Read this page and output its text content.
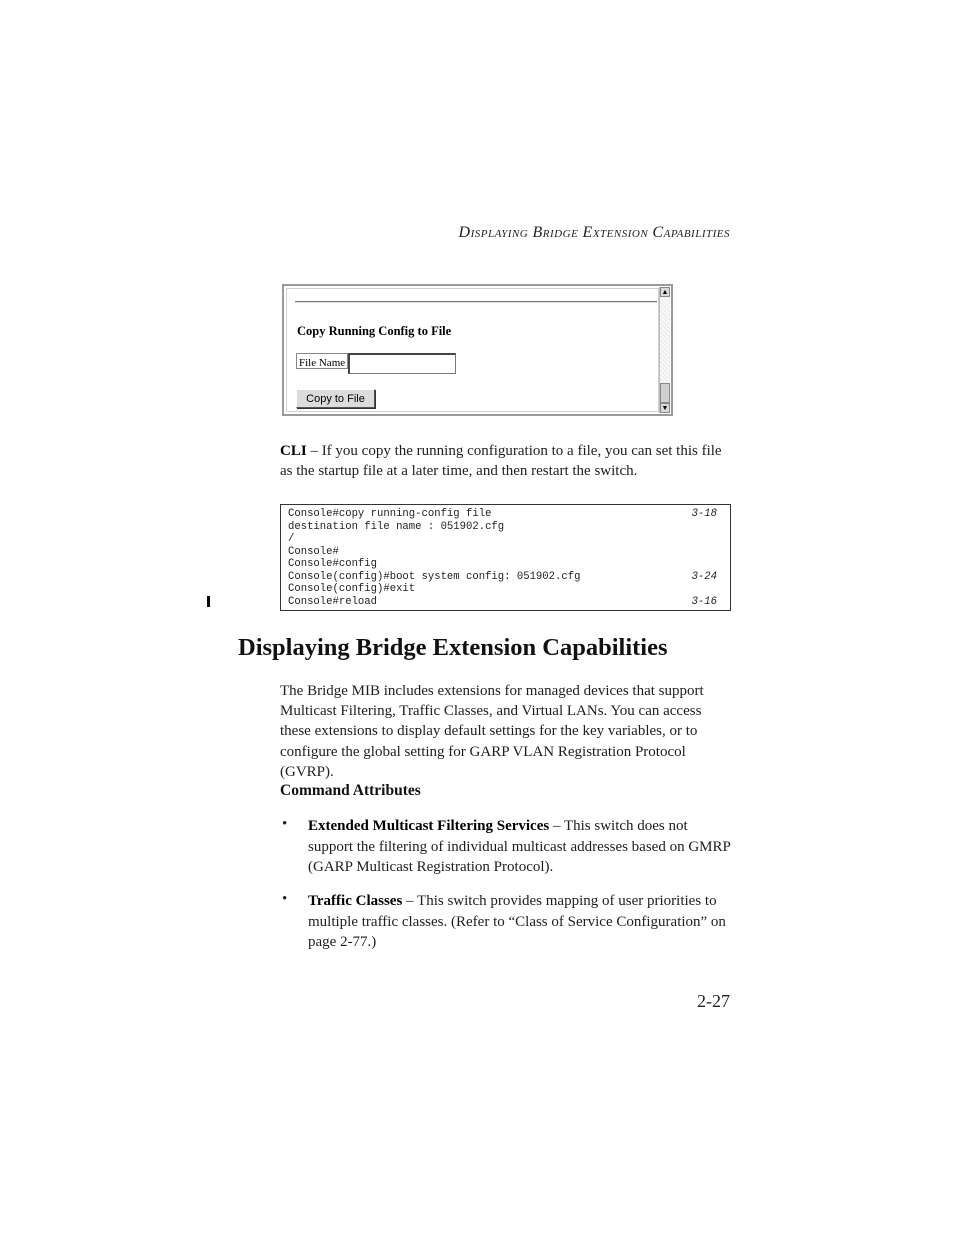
DISPLAYING BRIDGE EXTENSION CAPABILITIES
Copy Running Config to File
File Name
Copy to File
▲
▼
CLI – If you copy the running configuration to a file, you can set this file as the startup file at a later time, and then restart the switch.
Console#copy running-config file	3-18
destination file name : 051902.cfg
/
Console#
Console#config
Console(config)#boot system config: 051902.cfg	3-24
Console(config)#exit
Console#reload	3-16
Displaying Bridge Extension Capabilities
The Bridge MIB includes extensions for managed devices that support Multicast Filtering, Traffic Classes, and Virtual LANs. You can access these extensions to display default settings for the key variables, or to configure the global setting for GARP VLAN Registration Protocol (GVRP).
Command Attributes
• Extended Multicast Filtering Services – This switch does not support the filtering of individual multicast addresses based on GMRP (GARP Multicast Registration Protocol).
• Traffic Classes – This switch provides mapping of user priorities to multiple traffic classes. (Refer to “Class of Service Configuration” on page 2-77.)
2-27
